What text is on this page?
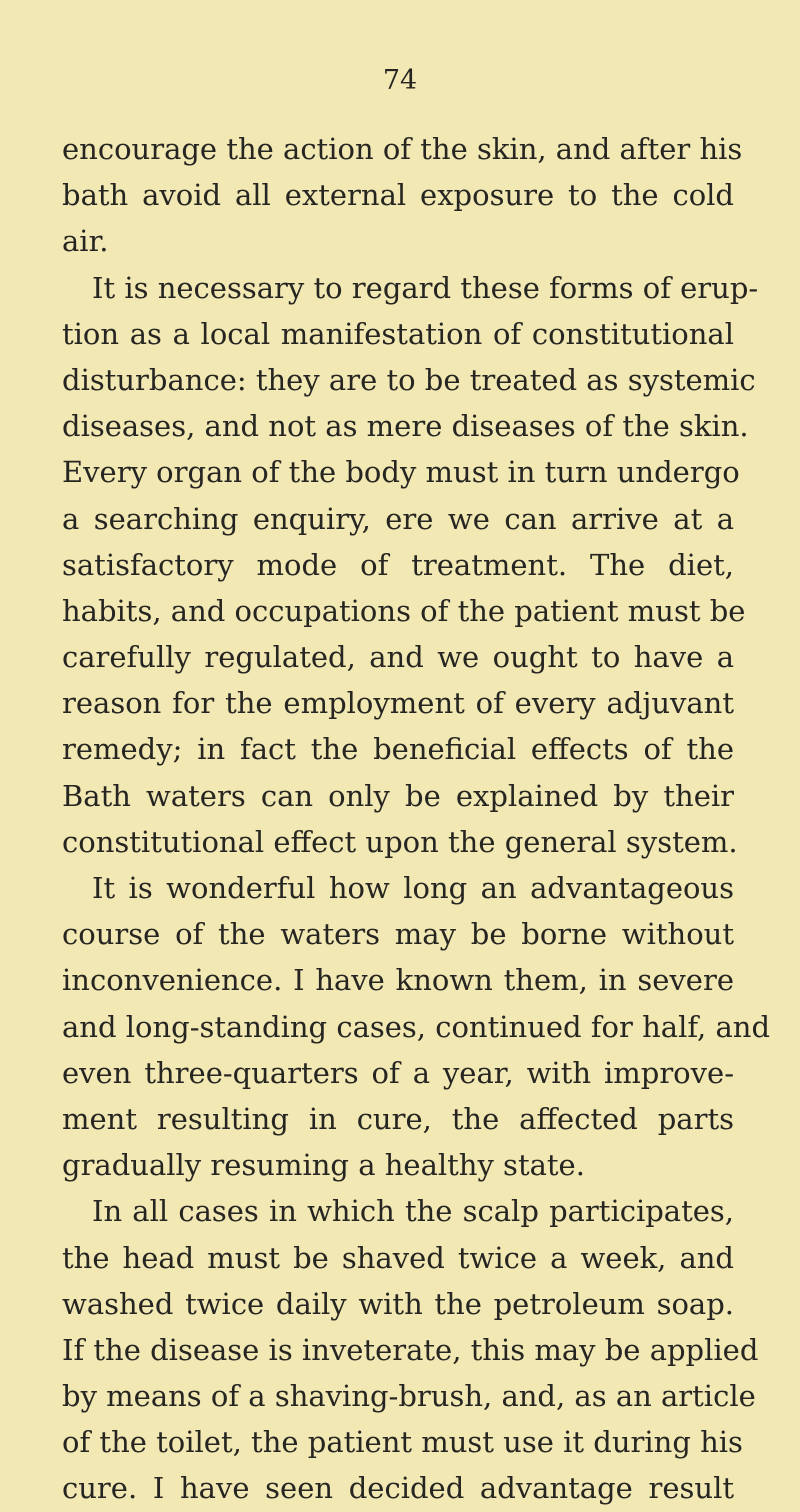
74
encourage the action of the skin, and after his
bath avoid all external exposure to the cold
air.
It is necessary to regard these forms of erup-
tion as a local manifestation of constitutional
disturbance: they are to be treated as systemic
diseases, and not as mere diseases of the skin.
Every organ of the body must in turn undergo
a searching enquiry, ere we can arrive at a
satisfactory mode of treatment. The diet,
habits, and occupations of the patient must be
carefully regulated, and we ought to have a
reason for the employment of every adjuvant
remedy; in fact the beneficial effects of the
Bath waters can only be explained by their
constitutional effect upon the general system.
It is wonderful how long an advantageous
course of the waters may be borne without
inconvenience. I have known them, in severe
and long-standing cases, continued for half, and
even three-quarters of a year, with improve-
ment resulting in cure, the affected parts
gradually resuming a healthy state.
In all cases in which the scalp participates,
the head must be shaved twice a week, and
washed twice daily with the petroleum soap.
If the disease is inveterate, this may be applied
by means of a shaving-brush, and, as an article
of the toilet, the patient must use it during his
cure. I have seen decided advantage result
